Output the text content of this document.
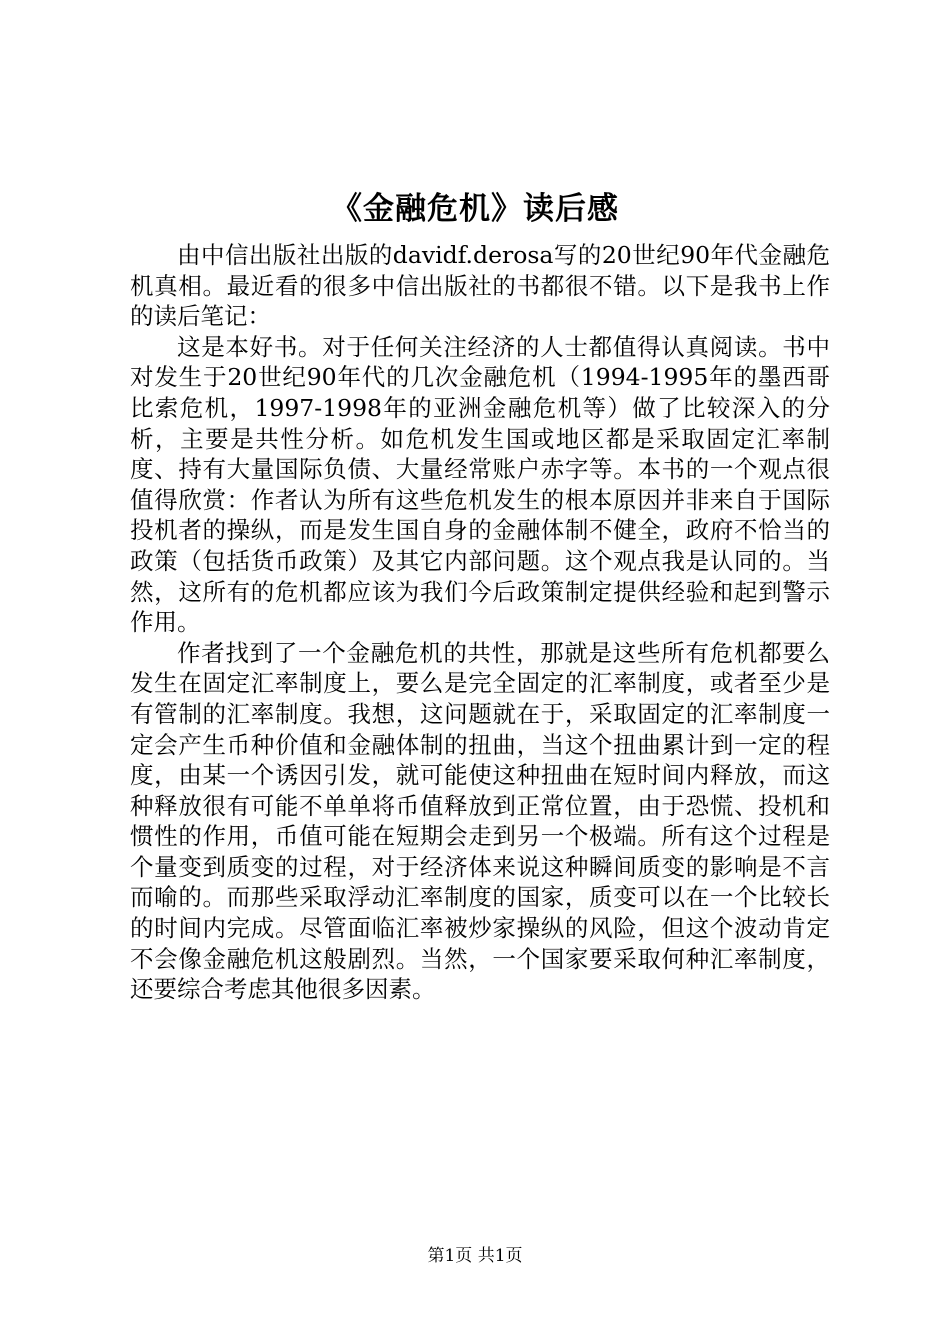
《金融危机》读后感

由中信出版社出版的davidf.derosa写的20世纪90年代金融危机真相。最近看的很多中信出版社的书都很不错。以下是我书上作的读后笔记：

这是本好书。对于任何关注经济的人士都值得认真阅读。书中对发生于20世纪90年代的几次金融危机（1994-1995年的墨西哥比索危机，1997-1998年的亚洲金融危机等）做了比较深入的分析，主要是共性分析。如危机发生国或地区都是采取固定汇率制度、持有大量国际负债、大量经常账户赤字等。本书的一个观点很值得欣赏：作者认为所有这些危机发生的根本原因并非来自于国际投机者的操纵，而是发生国自身的金融体制不健全，政府不恰当的政策（包括货币政策）及其它内部问题。这个观点我是认同的。当然，这所有的危机都应该为我们今后政策制定提供经验和起到警示作用。

作者找到了一个金融危机的共性，那就是这些所有危机都要么发生在固定汇率制度上，要么是完全固定的汇率制度，或者至少是有管制的汇率制度。我想，这问题就在于，采取固定的汇率制度一定会产生币种价值和金融体制的扭曲，当这个扭曲累计到一定的程度，由某一个诱因引发，就可能使这种扭曲在短时间内释放，而这种释放很有可能不单单将币值释放到正常位置，由于恐慌、投机和惯性的作用，币值可能在短期会走到另一个极端。所有这个过程是个量变到质变的过程，对于经济体来说这种瞬间质变的影响是不言而喻的。而那些采取浮动汇率制度的国家，质变可以在一个比较长的时间内完成。尽管面临汇率被炒家操纵的风险，但这个波动肯定不会像金融危机这般剧烈。当然，一个国家要采取何种汇率制度，还要综合考虑其他很多因素。

第1页 共1页
